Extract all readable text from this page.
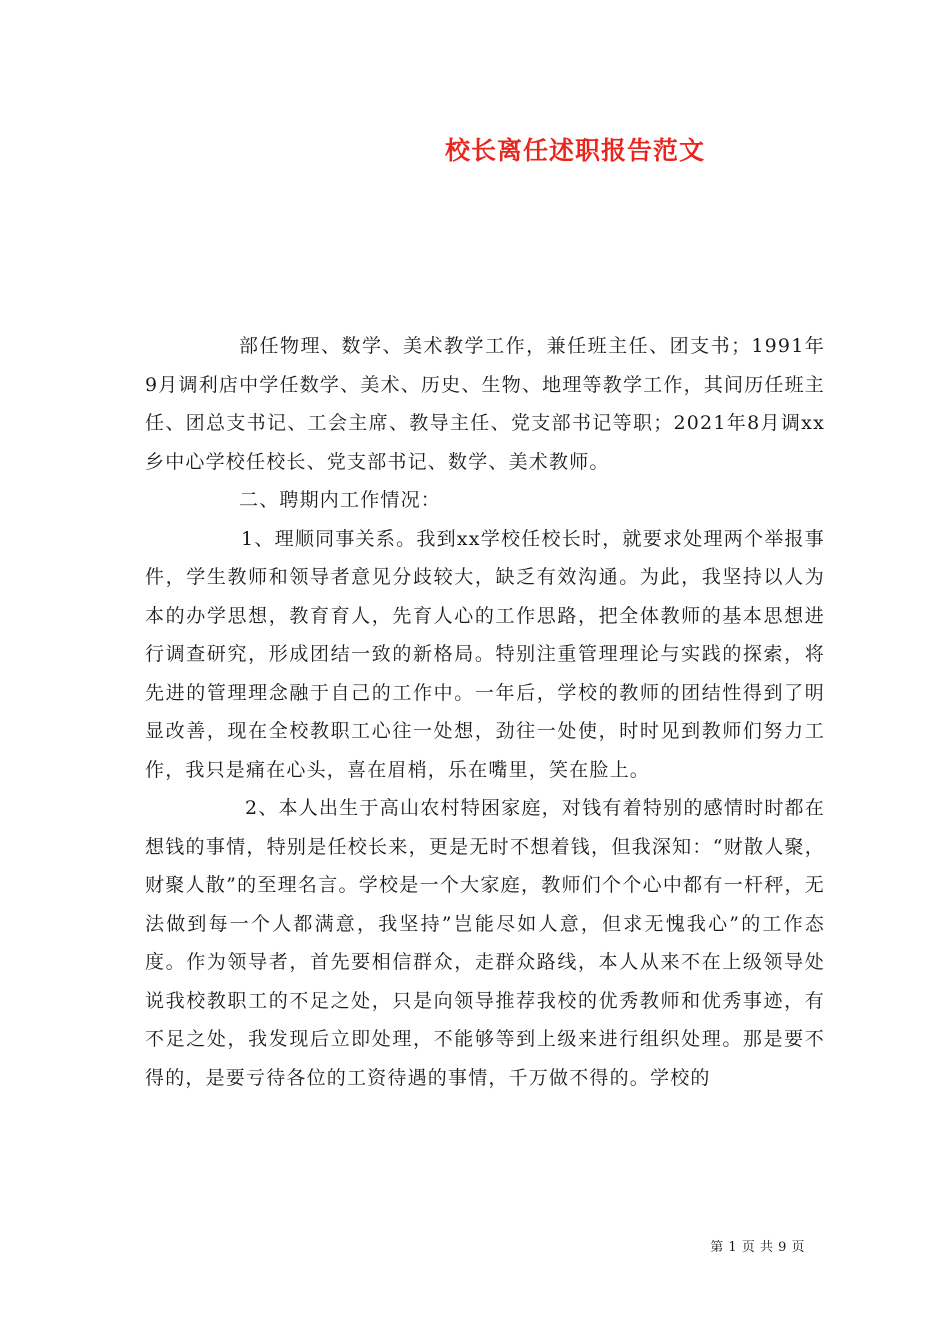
校长离任述职报告范文

部任物理、数学、美术教学工作，兼任班主任、团支书；1991年9月调利店中学任数学、美术、历史、生物、地理等教学工作，其间历任班主任、团总支书记、工会主席、教导主任、党支部书记等职；2021年8月调xx乡中心学校任校长、党支部书记、数学、美术教师。

二、聘期内工作情况：

1、理顺同事关系。我到xx学校任校长时，就要求处理两个举报事件，学生教师和领导者意见分歧较大，缺乏有效沟通。为此，我坚持以人为本的办学思想，教育育人，先育人心的工作思路，把全体教师的基本思想进行调查研究，形成团结一致的新格局。特别注重管理理论与实践的探索，将先进的管理理念融于自己的工作中。一年后，学校的教师的团结性得到了明显改善，现在全校教职工心往一处想，劲往一处使，时时见到教师们努力工作，我只是痛在心头，喜在眉梢，乐在嘴里，笑在脸上。

2、本人出生于高山农村特困家庭，对钱有着特别的感情时时都在想钱的事情，特别是任校长来，更是无时不想着钱，但我深知：“财散人聚，财聚人散”的至理名言。学校是一个大家庭，教师们个个心中都有一杆秤，无法做到每一个人都满意，我坚持”岂能尽如人意，但求无愧我心”的工作态度。作为领导者，首先要相信群众，走群众路线，本人从来不在上级领导处说我校教职工的不足之处，只是向领导推荐我校的优秀教师和优秀事迹，有不足之处，我发现后立即处理，不能够等到上级来进行组织处理。那是要不得的，是要亏待各位的工资待遇的事情，千万做不得的。学校的

第 1 页 共 9 页
